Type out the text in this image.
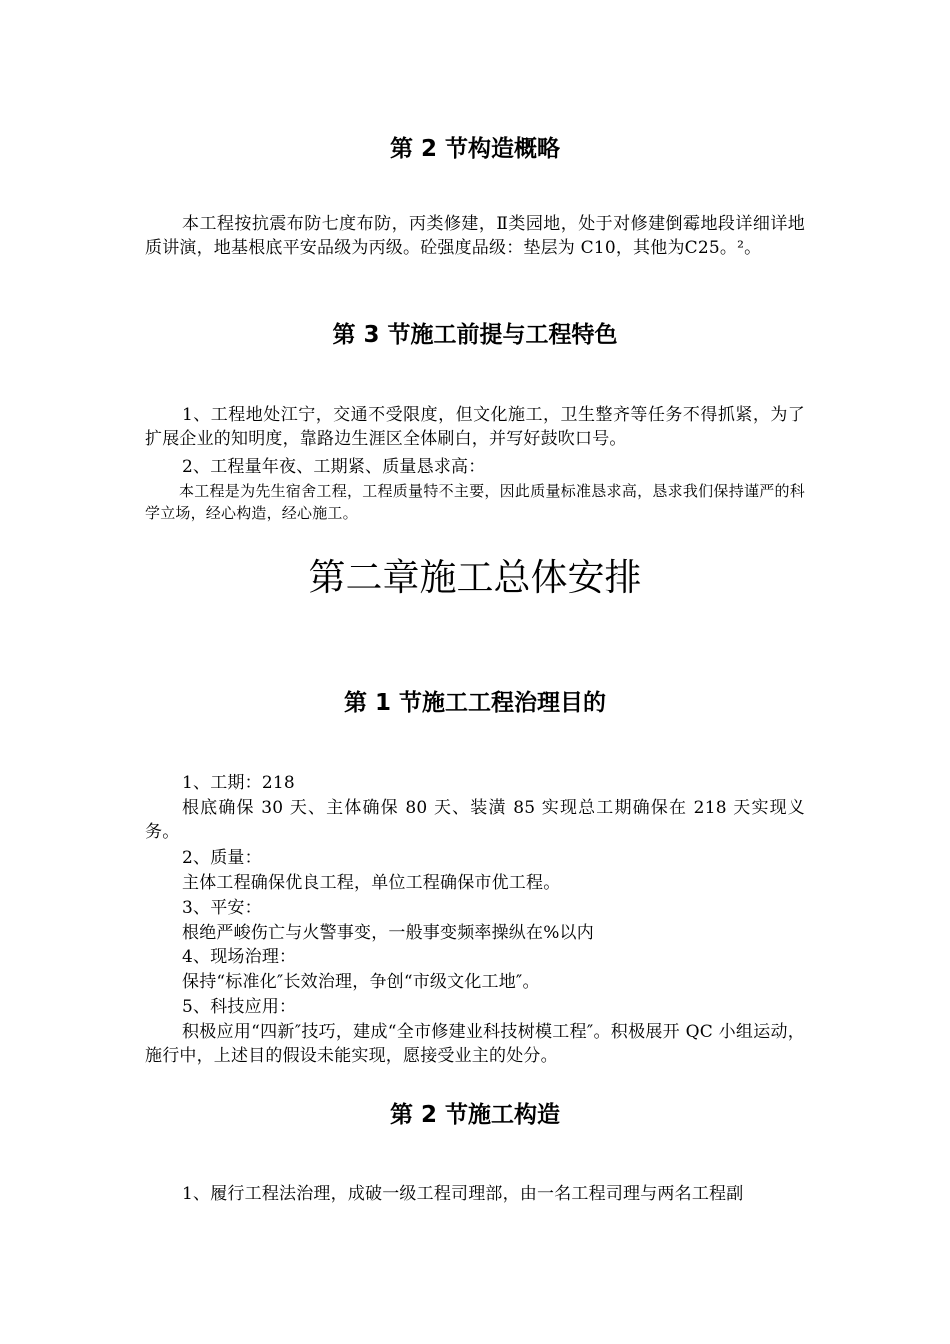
第 2 节构造概略

本工程按抗震布防七度布防，丙类修建，Ⅱ类园地，处于对修建倒霉地段详细详地质讲演，地基根底平安品级为丙级。砼强度品级：垫层为 C10，其他为C25。²。

第 3 节施工前提与工程特色

1、工程地处江宁，交通不受限度，但文化施工，卫生整齐等任务不得抓紧，为了扩展企业的知明度，靠路边生涯区全体刷白，并写好鼓吹口号。

2、工程量年夜、工期紧、质量恳求高：

本工程是为先生宿舍工程，工程质量特不主要，因此质量标准恳求高，恳求我们保持谨严的科学立场，经心构造，经心施工。

第二章施工总体安排
第 1 节施工工程治理目的

1、工期：218

根底确保 30 天、主体确保 80 天、装潢 85 实现总工期确保在 218 天实现义务。

2、质量：

主体工程确保优良工程，单位工程确保市优工程。

3、平安：

根绝严峻伤亡与火警事变，一般事变频率操纵在%以内

4、现场治理：

保持“标准化″长效治理，争创“市级文化工地″。

5、科技应用：

积极应用“四新″技巧，建成“全市修建业科技树模工程″。积极展开 QC 小组运动，施行中，上述目的假设未能实现，愿接受业主的处分。

第 2 节施工构造

1、履行工程法治理，成破一级工程司理部，由一名工程司理与两名工程副
